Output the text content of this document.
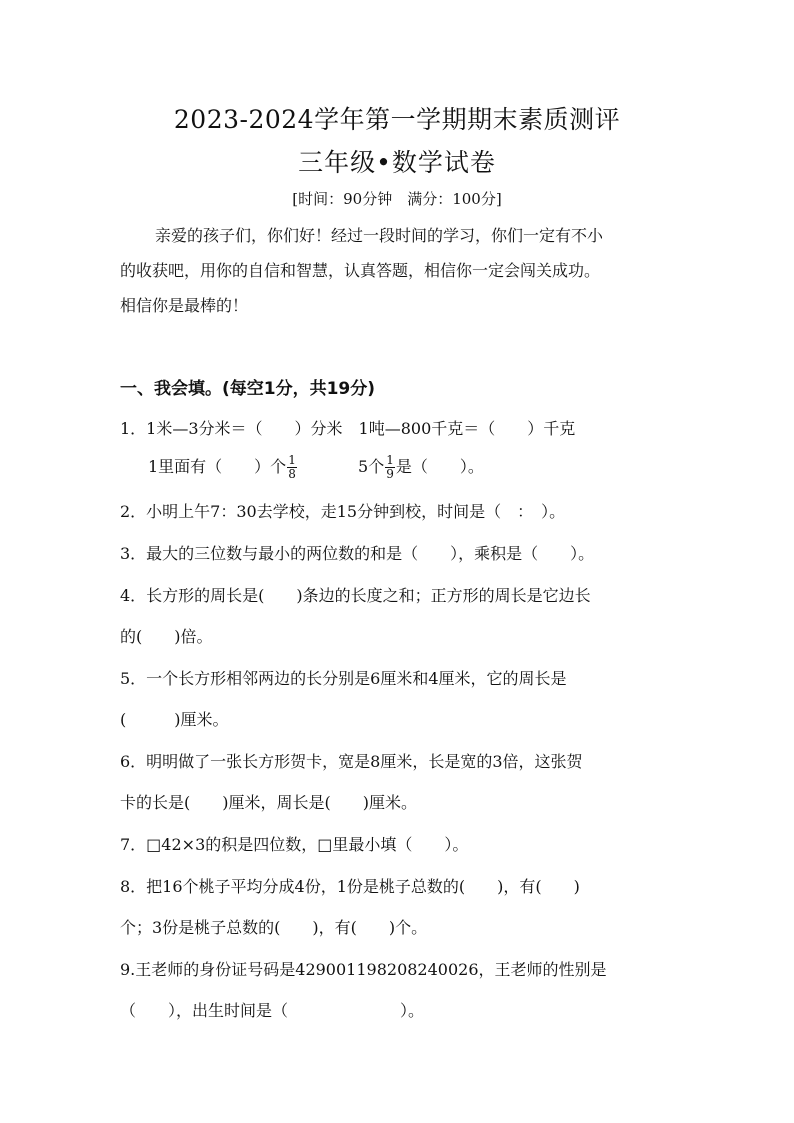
2023-2024学年第一学期期末素质测评
三年级•数学试卷
[时间：90分钟　满分：100分]
亲爱的孩子们，你们好！经过一段时间的学习，你们一定有不小
的收获吧，用你的自信和智慧，认真答题，相信你一定会闯关成功。
相信你是最棒的！
一、我会填。(每空1分，共19分)
1．1米—3分米＝（　　）分米　1吨—800千克＝（　　）千克
1里面有（　　）个 $\frac{1}{8}$	5个 $\frac{1}{9}$ 是（　　）。
2．小明上午7：30去学校，走15分钟到校，时间是（　：　）。
3．最大的三位数与最小的两位数的和是（　　），乘积是（　　）。
4．长方形的周长是(　　)条边的长度之和；正方形的周长是它边长
的(　　)倍。
5．一个长方形相邻两边的长分别是6厘米和4厘米，它的周长是
(　　　)厘米。
6．明明做了一张长方形贺卡，宽是8厘米，长是宽的3倍，这张贺
卡的长是(　　)厘米，周长是(　　)厘米。
7．□42×3的积是四位数，□里最小填（　　）。
8．把16个桃子平均分成4份，1份是桃子总数的(　　)，有(　　)
个；3份是桃子总数的(　　)，有(　　)个。
9.王老师的身份证号码是429001198208240026，王老师的性别是
（　　），出生时间是（　　　　　　　）。
